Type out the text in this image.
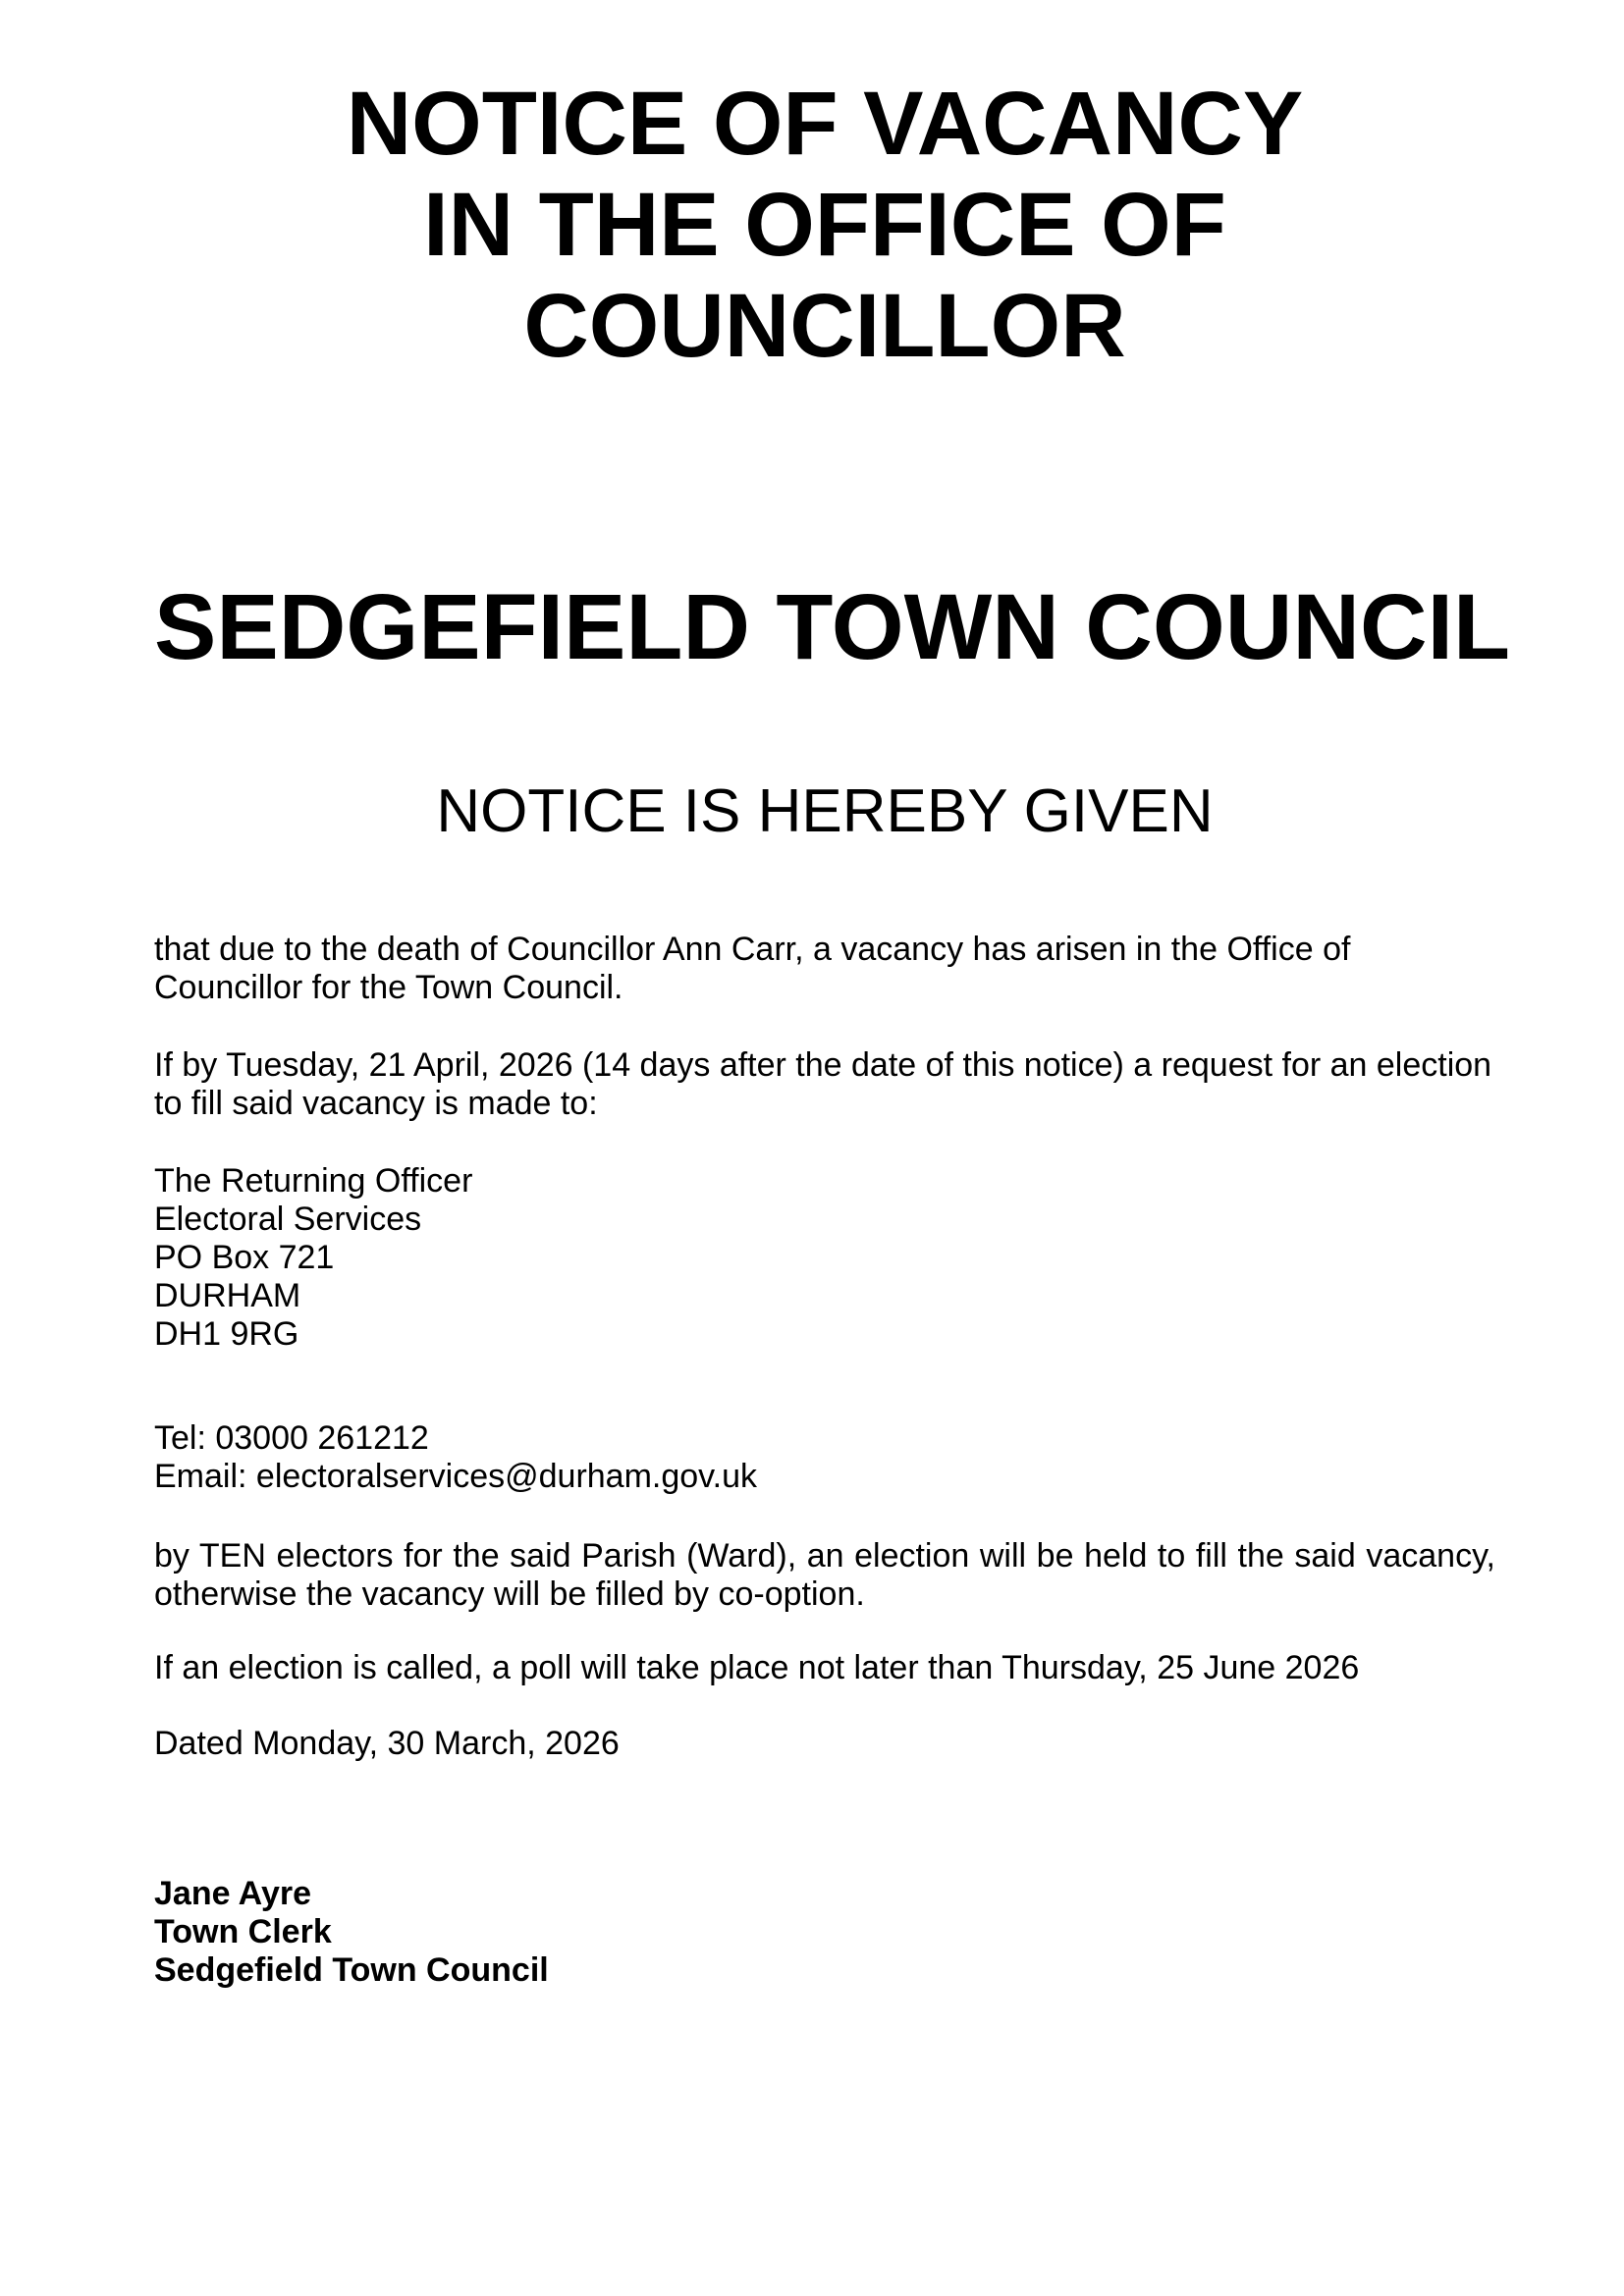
NOTICE OF VACANCY
IN THE OFFICE OF
COUNCILLOR
SEDGEFIELD TOWN COUNCIL
NOTICE IS HEREBY GIVEN
that due to the death of Councillor Ann Carr, a vacancy has arisen in the Office of Councillor for the Town Council.
If by Tuesday, 21 April, 2026 (14 days after the date of this notice) a request for an election to fill said vacancy is made to:
The Returning Officer
Electoral Services
PO Box 721
DURHAM
DH1 9RG
Tel: 03000 261212
Email: electoralservices@durham.gov.uk
by TEN electors for the said Parish (Ward), an election will be held to fill the said vacancy, otherwise the vacancy will be filled by co-option.
If an election is called, a poll will take place not later than Thursday, 25 June 2026
Dated Monday, 30 March, 2026
Jane Ayre
Town Clerk
Sedgefield Town Council
